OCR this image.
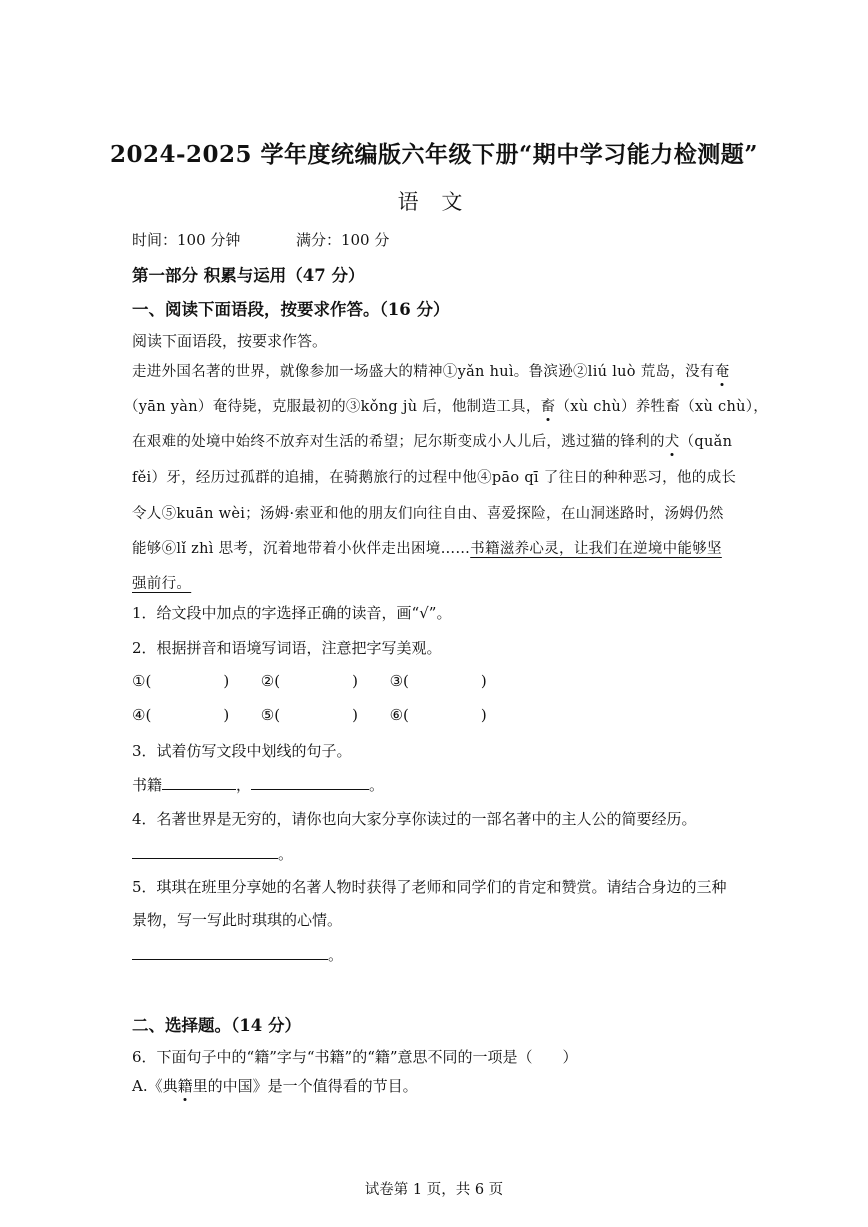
2024-2025 学年度统编版六年级下册“期中学习能力检测题”
语 文
时间：100 分钟	满分：100 分
第一部分 积累与运用（47 分）
一、阅读下面语段，按要求作答。（16 分）
阅读下面语段，按要求作答。
走进外国名著的世界，就像参加一场盛大的精神①yǎn huì。鲁滨逊②liú luò 荒岛，没有奄
（yān yàn）奄待毙，克服最初的③kǒng jù 后，他制造工具，畜（xù chù）养牲畜（xù chù），
在艰难的处境中始终不放弃对生活的希望；尼尔斯变成小人儿后，逃过猫的锋利的犬（quǎn
fěi）牙，经历过孤群的追捕，在骑鹅旅行的过程中他④pāo qī 了往日的种种恶习，他的成长
令人⑤kuān wèi；汤姆·索亚和他的朋友们向往自由、喜爱探险，在山洞迷路时，汤姆仍然
能够⑥lǐ zhì 思考，沉着地带着小伙伴走出困境……书籍滋养心灵，让我们在逆境中能够坚
强前行。
1．给文段中加点的字选择正确的读音，画“√”。
2．根据拼音和语境写词语，注意把字写美观。
①(	) ②(	) ③(	)
④(	) ⑤(	) ⑥(	)
3．试着仿写文段中划线的句子。
书籍	，	。
4．名著世界是无穷的，请你也向大家分享你读过的一部名著中的主人公的简要经历。
。
5．琪琪在班里分享她的名著人物时获得了老师和同学们的肯定和赞赏。请结合身边的三种
景物，写一写此时琪琪的心情。
。
二、选择题。（14 分）
6．下面句子中的“籍”字与“书籍”的“籍”意思不同的一项是（　　）
A.《典籍里的中国》是一个值得看的节目。
试卷第 1 页，共 6 页
